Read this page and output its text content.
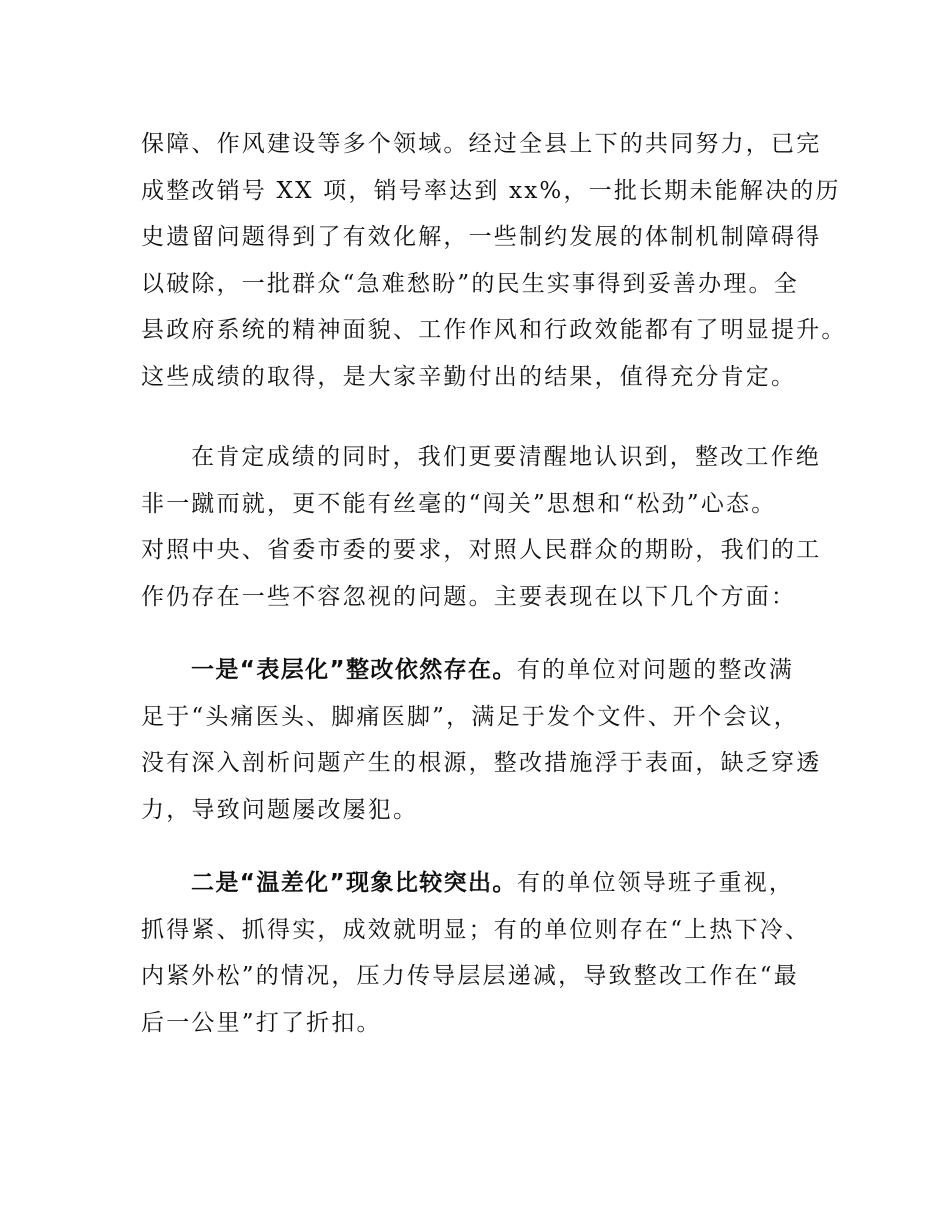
保障、作风建设等多个领域。经过全县上下的共同努力，已完
成整改销号 XX 项，销号率达到 xx%，一批长期未能解决的历
史遗留问题得到了有效化解，一些制约发展的体制机制障碍得
以破除，一批群众“急难愁盼”的民生实事得到妥善办理。全
县政府系统的精神面貌、工作作风和行政效能都有了明显提升。
这些成绩的取得，是大家辛勤付出的结果，值得充分肯定。
在肯定成绩的同时，我们更要清醒地认识到，整改工作绝
非一蹴而就，更不能有丝毫的“闯关”思想和“松劲”心态。
对照中央、省委市委的要求，对照人民群众的期盼，我们的工
作仍存在一些不容忽视的问题。主要表现在以下几个方面：
一是“表层化”整改依然存在。有的单位对问题的整改满
足于“头痛医头、脚痛医脚”，满足于发个文件、开个会议，
没有深入剖析问题产生的根源，整改措施浮于表面，缺乏穿透
力，导致问题屡改屡犯。
二是“温差化”现象比较突出。有的单位领导班子重视，
抓得紧、抓得实，成效就明显；有的单位则存在“上热下冷、
内紧外松”的情况，压力传导层层递减，导致整改工作在“最
后一公里”打了折扣。
